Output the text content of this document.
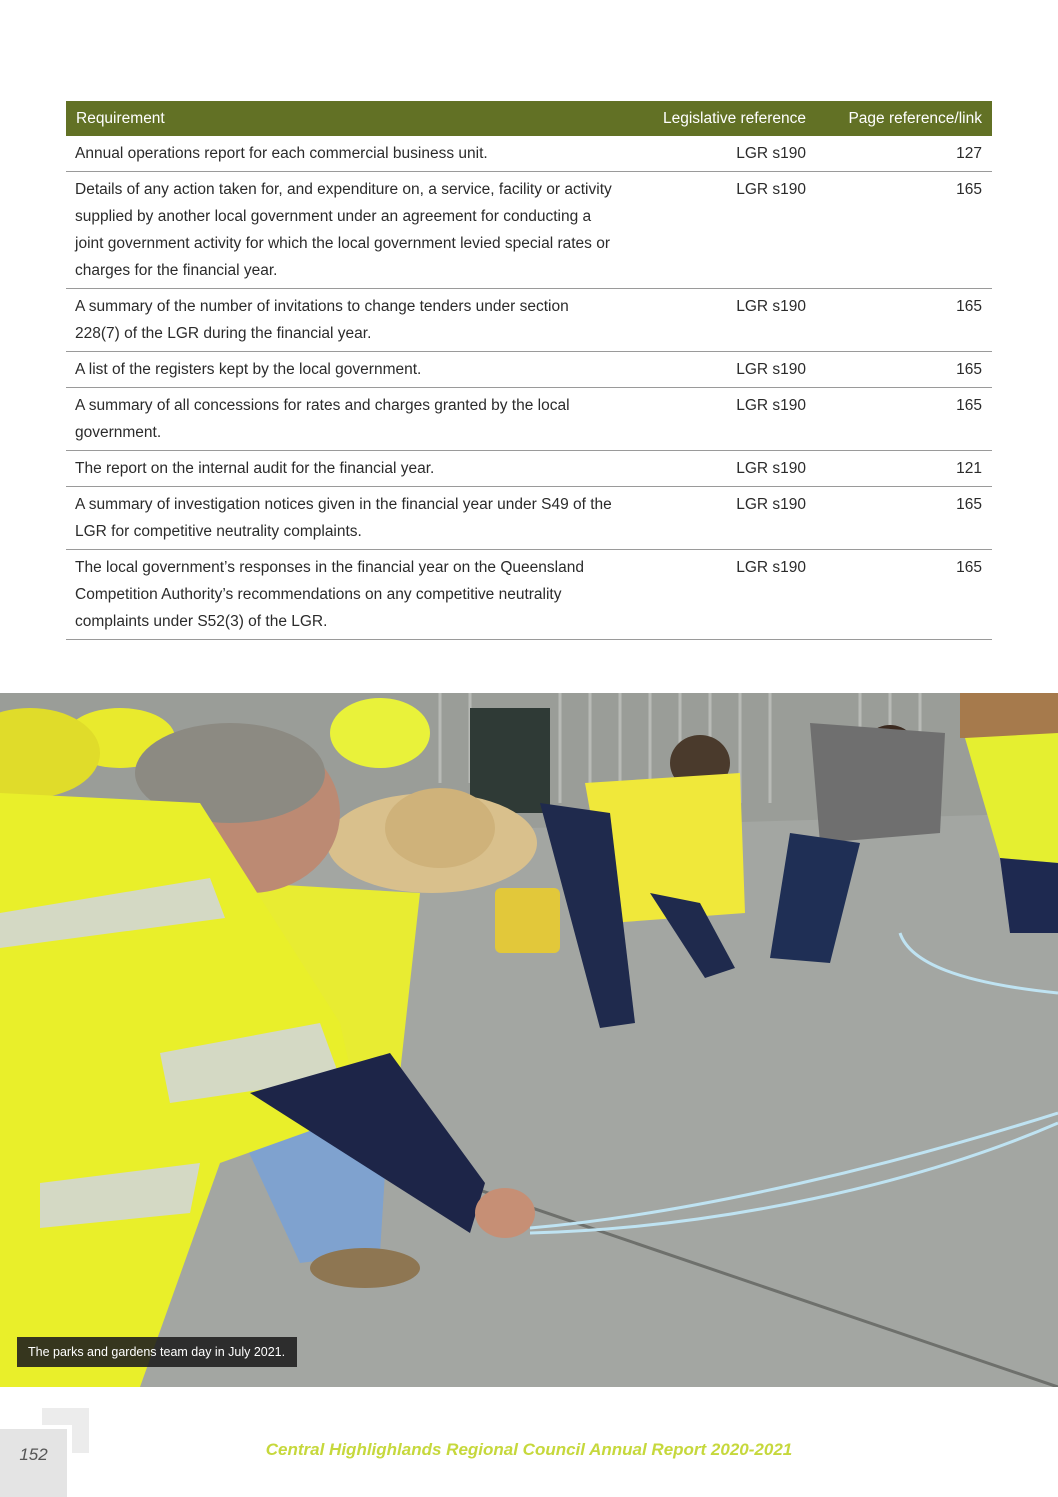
Requirement	Legislative reference	Page reference/link
Annual operations report for each commercial business unit.	LGR s190	127
Details of any action taken for, and expenditure on, a service, facility or activity supplied by another local government under an agreement for conducting a joint government activity for which the local government levied special rates or charges for the financial year.	LGR s190	165
A summary of the number of invitations to change tenders under section 228(7) of the LGR during the financial year.	LGR s190	165
A list of the registers kept by the local government.	LGR s190	165
A summary of all concessions for rates and charges granted by the local government.	LGR s190	165
The report on the internal audit for the financial year.	LGR s190	121
A summary of investigation notices given in the financial year under S49 of the LGR for competitive neutrality complaints.	LGR s190	165
The local government’s responses in the financial year on the Queensland Competition Authority’s recommendations on any competitive neutrality complaints under S52(3) of the LGR.	LGR s190	165
The parks and gardens team day in July 2021.
152	Central Highlighlands Regional Council Annual Report 2020-2021
